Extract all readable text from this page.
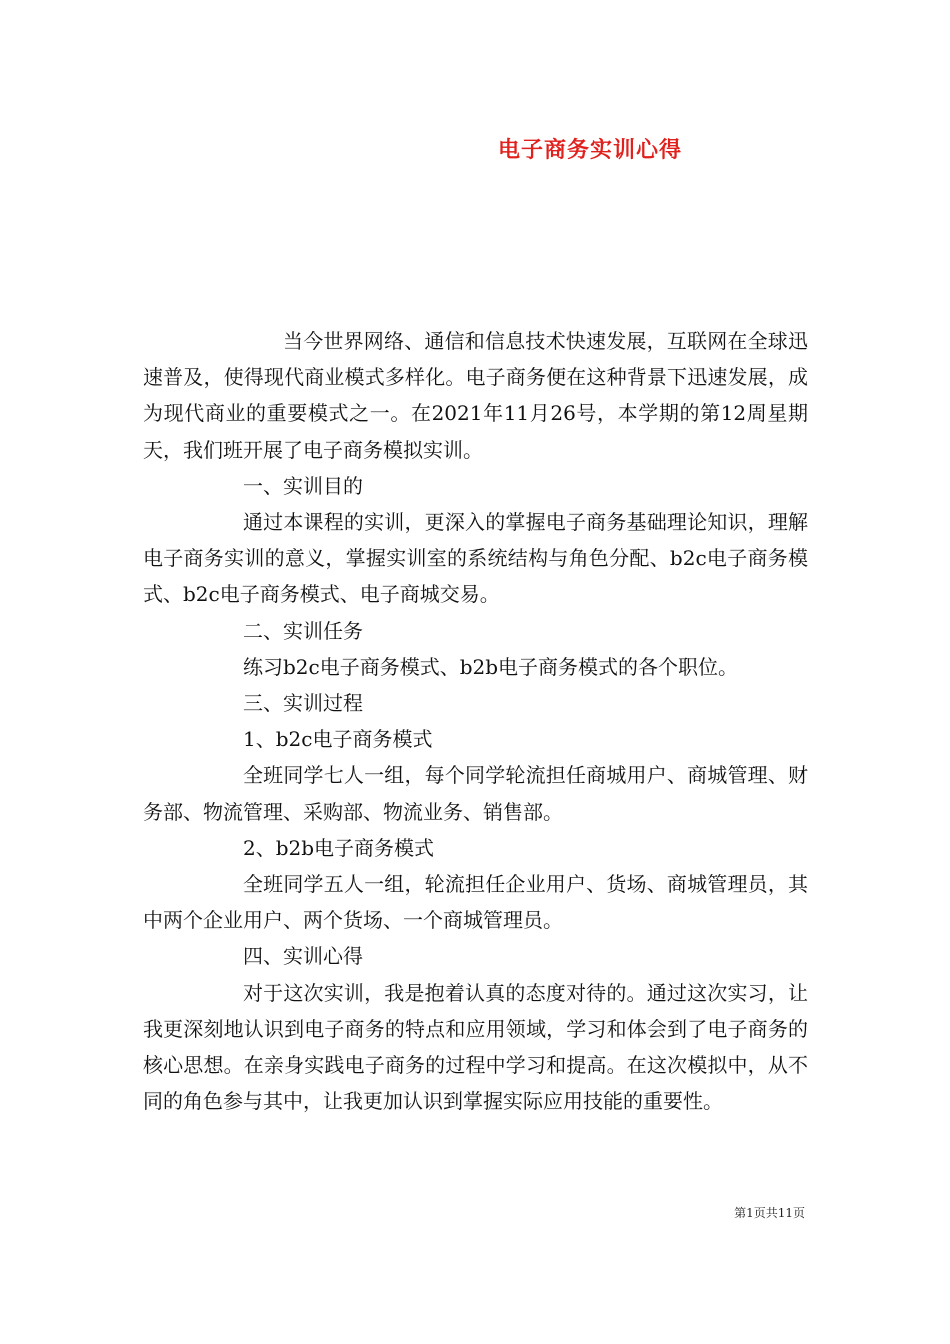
电子商务实训心得

当今世界网络、通信和信息技术快速发展，互联网在全球迅速普及，使得现代商业模式多样化。电子商务便在这种背景下迅速发展，成为现代商业的重要模式之一。在2021年11月26号，本学期的第12周星期天，我们班开展了电子商务模拟实训。

一、实训目的

通过本课程的实训，更深入的掌握电子商务基础理论知识，理解电子商务实训的意义，掌握实训室的系统结构与角色分配、b2c电子商务模式、b2c电子商务模式、电子商城交易。

二、实训任务

练习b2c电子商务模式、b2b电子商务模式的各个职位。

三、实训过程

1、b2c电子商务模式

全班同学七人一组，每个同学轮流担任商城用户、商城管理、财务部、物流管理、采购部、物流业务、销售部。

2、b2b电子商务模式

全班同学五人一组，轮流担任企业用户、货场、商城管理员，其中两个企业用户、两个货场、一个商城管理员。

四、实训心得

对于这次实训，我是抱着认真的态度对待的。通过这次实习，让我更深刻地认识到电子商务的特点和应用领域，学习和体会到了电子商务的核心思想。在亲身实践电子商务的过程中学习和提高。在这次模拟中，从不同的角色参与其中，让我更加认识到掌握实际应用技能的重要性。

第1页共11页
